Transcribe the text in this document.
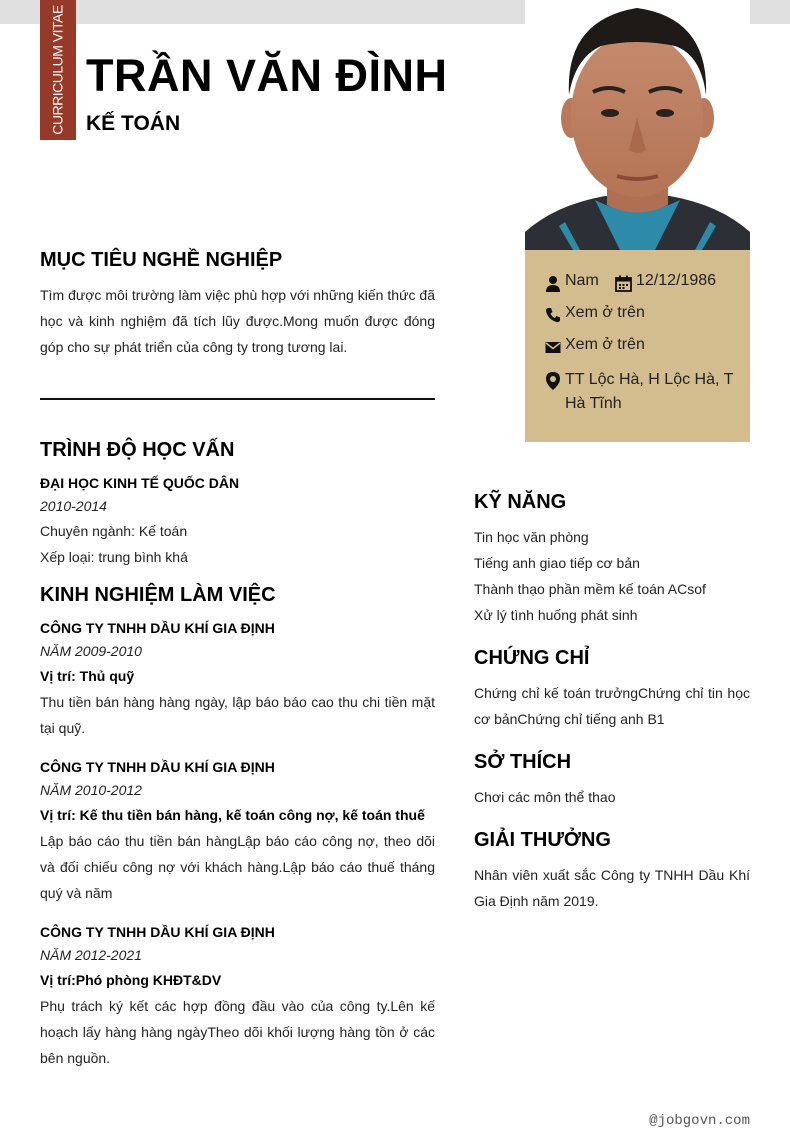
CURRICULUM VITAE TRẦN VĂN ĐÌNH
KẾ TOÁN
Nam 12/12/1986
Xem ở trên
Xem ở trên
TT Lộc Hà, H Lộc Hà, T Hà Tĩnh
MỤC TIÊU NGHỀ NGHIỆP
Tìm được môi trường làm việc phù hợp với những kiến thức đã học và kinh nghiệm đã tích lũy được.Mong muốn được đóng góp cho sự phát triển của công ty trong tương lai.
TRÌNH ĐỘ HỌC VẤN
ĐẠI HỌC KINH TẾ QUỐC DÂN
2010-2014
Chuyên ngành: Kế toán
Xếp loại: trung bình khá
KINH NGHIỆM LÀM VIỆC
CÔNG TY TNHH DẦU KHÍ GIA ĐỊNH
NĂM 2009-2010
Vị trí: Thủ quỹ
Thu tiền bán hàng hàng ngày, lập báo báo cao thu chi tiền mặt tại quỹ.
CÔNG TY TNHH DẦU KHÍ GIA ĐỊNH
NĂM 2010-2012
Vị trí: Kế thu tiền bán hàng, kế toán công nợ, kế toán thuế
Lập báo cáo thu tiền bán hàngLập báo cáo công nợ, theo dõi và đối chiếu công nợ với khách hàng.Lập báo cáo thuế tháng quý và năm
CÔNG TY TNHH DẦU KHÍ GIA ĐỊNH
NĂM 2012-2021
Vị trí:Phó phòng KHĐT&DV
Phụ trách ký kết các hợp đồng đầu vào của công ty.Lên kế hoạch lấy hàng hàng ngàyTheo dõi khối lượng hàng tồn ở các bên nguồn.
KỸ NĂNG
Tin học văn phòng
Tiếng anh giao tiếp cơ bản
Thành thạo phần mềm kế toán ACsof
Xử lý tình huống phát sinh
CHỨNG CHỈ
Chứng chỉ kế toán trưởngChứng chỉ tin học cơ bảnChứng chỉ tiếng anh B1
SỞ THÍCH
Chơi các môn thể thao
GIẢI THƯỞNG
Nhân viên xuất sắc Công ty TNHH Dầu Khí Gia Định năm 2019.
@jobgovn.com
